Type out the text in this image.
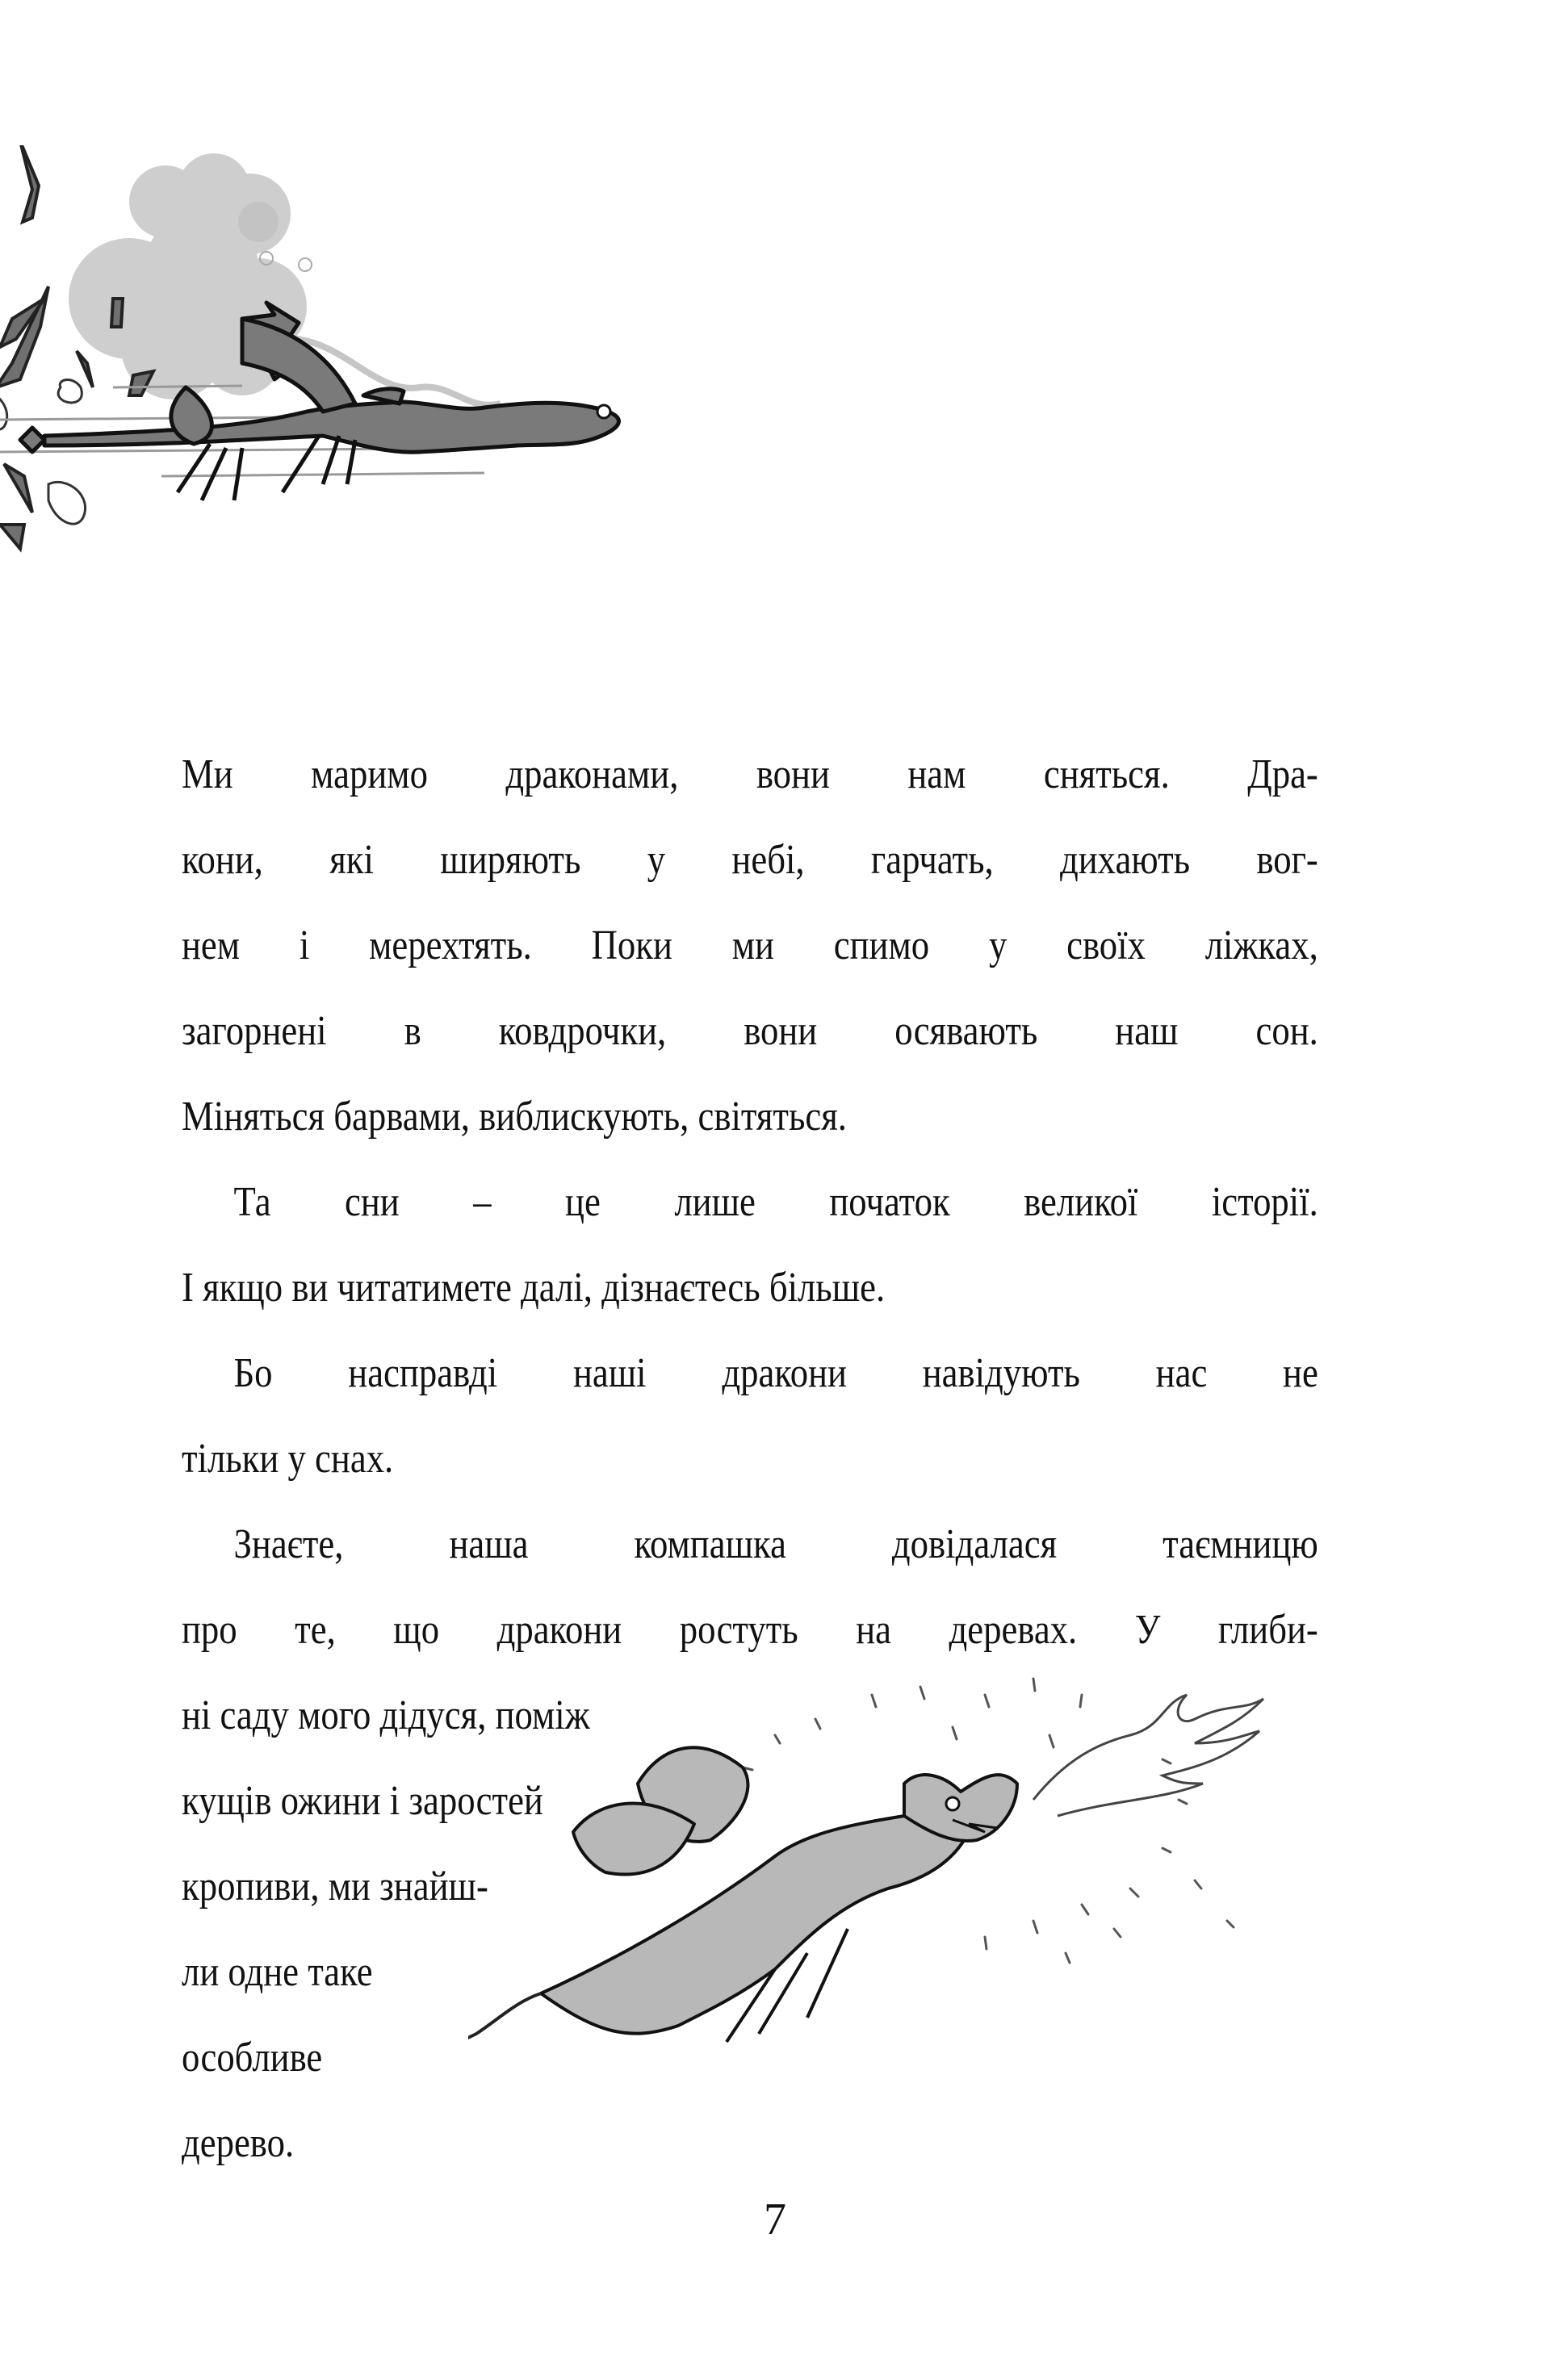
Ми маримо драконами, вони нам сняться. Дра-
кони, які ширяють у небі, гарчать, дихають вог-
нем і мерехтять. Поки ми спимо у своїх ліжках,
загорнені в ковдрочки, вони осявають наш сон.
Міняться барвами, виблискують, світяться.
Та сни – це лише початок великої історії.
І якщо ви читатимете далі, дізнаєтесь більше.
Бо насправді наші дракони навідують нас не
тільки у снах.
Знаєте, наша компашка довідалася таємницю
про те, що дракони ростуть на деревах. У глиби-
ні саду мого дідуся, поміж
кущів ожини і заростей
кропиви, ми знайш-
ли одне таке
особливе
дерево.
7
